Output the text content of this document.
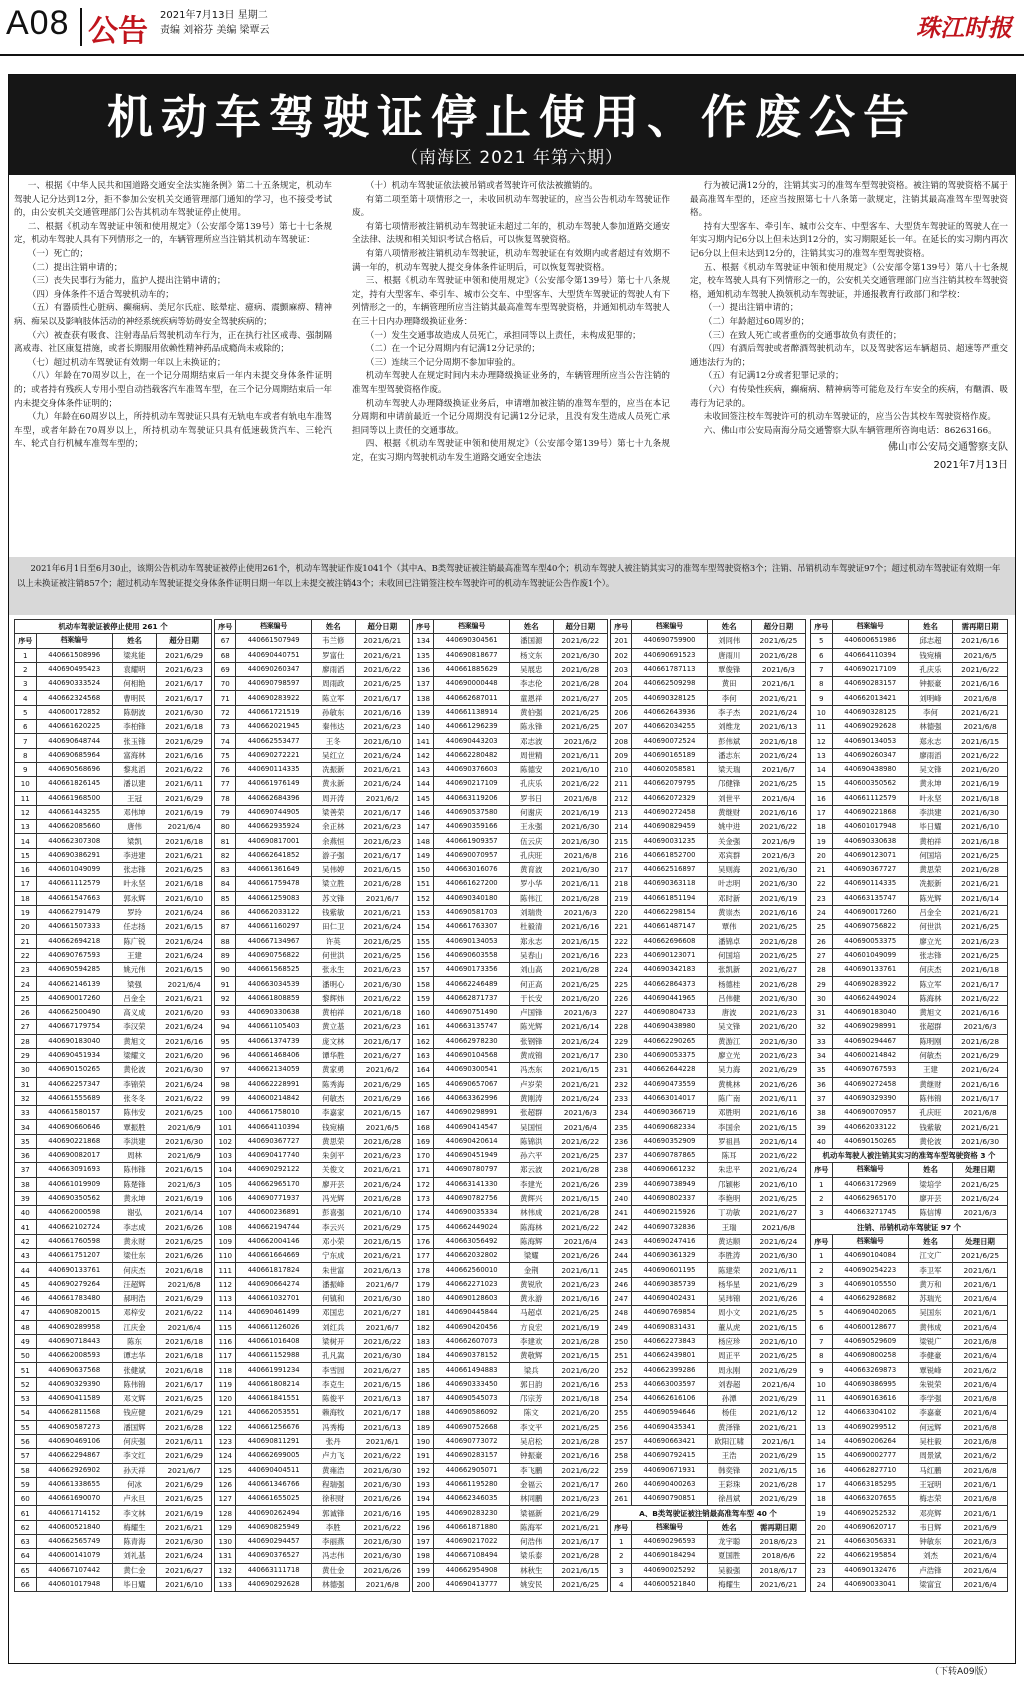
A08 公告 2021年7月13日 星期二
责编 刘裕芬 美编 梁覃云	珠江时报
机动车驾驶证停止使用、作废公告
（南海区 2021 年第六期）

一、根据《中华人民共和国道路交通安全法实施条例》第二十五条规定，机动车驾驶人记分达到12分，拒不参加公安机关交通管理部门通知的学习，也不接受考试的，由公安机关交通管理部门公告其机动车驾驶证停止使用。

二、根据《机动车驾驶证申领和使用规定》（公安部令第139号）第七十七条规定，机动车驾驶人具有下列情形之一的，车辆管理所应当注销其机动车驾驶证：

（一）死亡的；

（二）提出注销申请的；

（三）丧失民事行为能力，监护人提出注销申请的；

（四）身体条件不适合驾驶机动车的；

（五）有器质性心脏病、癫痫病、美尼尔氏症、眩晕症、癔病、震颤麻痹、精神病、痴呆以及影响肢体活动的神经系统疾病等妨碍安全驾驶疾病的；

（六）被查获有吸食、注射毒品后驾驶机动车行为，正在执行社区戒毒、强制隔离戒毒、社区康复措施，或者长期服用依赖性精神药品成瘾尚未戒除的；

（七）超过机动车驾驶证有效期一年以上未换证的；

（八）年龄在70周岁以上，在一个记分周期结束后一年内未提交身体条件证明的；或者持有残疾人专用小型自动挡载客汽车准驾车型，在三个记分周期结束后一年内未提交身体条件证明的；

（九）年龄在60周岁以上，所持机动车驾驶证只具有无轨电车或者有轨电车准驾车型，或者年龄在70周岁以上，所持机动车驾驶证只具有低速载货汽车、三轮汽车、轮式自行机械车准驾车型的；

（十）机动车驾驶证依法被吊销或者驾驶许可依法被撤销的。

有第二项至第十项情形之一，未收回机动车驾驶证的，应当公告机动车驾驶证作废。

有第七项情形被注销机动车驾驶证未超过二年的，机动车驾驶人参加道路交通安全法律、法规和相关知识考试合格后，可以恢复驾驶资格。

有第八项情形被注销机动车驾驶证，机动车驾驶证在有效期内或者超过有效期不满一年的，机动车驾驶人提交身体条件证明后，可以恢复驾驶资格。

三、根据《机动车驾驶证申领和使用规定》（公安部令第139号）第七十八条规定，持有大型客车、牵引车、城市公交车、中型客车、大型货车驾驶证的驾驶人有下列情形之一的，车辆管理所应当注销其最高准驾车型驾驶资格，并通知机动车驾驶人在三十日内办理降级换证业务：

（一）发生交通事故造成人员死亡，承担同等以上责任，未构成犯罪的；

（二）在一个记分周期内有记满12分记录的；

（三）连续三个记分周期不参加审验的。

机动车驾驶人在规定时间内未办理降级换证业务的，车辆管理所应当公告注销的准驾车型驾驶资格作废。

机动车驾驶人办理降级换证业务后，申请增加被注销的准驾车型的，应当在本记分周期和申请前最近一个记分周期没有记满12分记录，且没有发生造成人员死亡承担同等以上责任的交通事故。

四、根据《机动车驾驶证申领和使用规定》（公安部令第139号）第七十九条规定，在实习期内驾驶机动车发生道路交通安全违法

行为被记满12分的，注销其实习的准驾车型驾驶资格。被注销的驾驶资格不属于最高准驾车型的，还应当按照第七十八条第一款规定，注销其最高准驾车型驾驶资格。

持有大型客车、牵引车、城市公交车、中型客车、大型货车驾驶证的驾驶人在一年实习期内记6分以上但未达到12分的，实习期限延长一年。在延长的实习期内再次记6分以上但未达到12分的，注销其实习的准驾车型驾驶资格。

五、根据《机动车驾驶证申领和使用规定》（公安部令第139号）第八十七条规定，校车驾驶人具有下列情形之一的，公安机关交通管理部门应当注销其校车驾驶资格，通知机动车驾驶人换领机动车驾驶证，并通报教育行政部门和学校：

（一）提出注销申请的；

（二）年龄超过60周岁的；

（三）在致人死亡或者重伤的交通事故负有责任的；

（四）有酒后驾驶或者醉酒驾驶机动车，以及驾驶客运车辆超员、超速等严重交通违法行为的；

（五）有记满12分或者犯罪记录的；

（六）有传染性疾病，癫痫病、精神病等可能危及行车安全的疾病，有酗酒、吸毒行为记录的。

未收回签注校车驾驶许可的机动车驾驶证的，应当公告其校车驾驶资格作废。

六、佛山市公安局南海分局交通警察大队车辆管理所咨询电话：86263166。

佛山市公安局交通警察支队

2021年7月13日

2021年6月1日至6月30止，该期公告机动车驾驶证被停止使用261个，机动车驾驶证作废1041个（其中A、B类驾驶证被注销最高准驾车型40个；机动车驾驶人被注销其实习的准驾车型驾驶资格3个；注销、吊销机动车驾驶证97个；超过机动车驾驶证有效期一年以上未换证被注销857个；超过机动车驾驶证提交身体条件证明日期一年以上未提交被注销43个；未收回已注销签注校车驾驶许可的机动车驾驶证公告作废1个）。

机动车驾驶证被停止使用 261 个			
序号	档案编号	姓名	超分日期
1	440661508996	梁兆能	2021/6/29
2	440690495423	袁耀明	2021/6/23
3	440690333524	何相艳	2021/6/17
4	440662324568	曹明民	2021/6/17
5	440600172852	陈朝波	2021/6/30
6	440661620225	李柏锋	2021/6/18
7	440690648744	张玉锋	2021/6/29
8	440690685964	富海林	2021/6/16
9	440690568696	黎兆滔	2021/6/22
10	440661826145	潘以建	2021/6/11
11	440661968500	王冠	2021/6/29
12	440661443255	邓伟坤	2021/6/19
13	440662085660	唐伟	2021/6/4
14	440662307308	梁凯	2021/6/18
15	440690386291	李进建	2021/6/21
16	440601049099	张志锋	2021/6/25
17	440661112579	叶永坚	2021/6/18
18	440661547663	郭永辉	2021/6/10
19	440662791479	罗玲	2021/6/24
20	440661507333	任志扬	2021/6/15
21	440662694218	陈广锐	2021/6/24
22	440690767593	王建	2021/6/24
23	440690594285	姚元伟	2021/6/15
24	440662146139	梁强	2021/6/4
25	440690017260	吕金全	2021/6/21
26	440662500490	高义成	2021/6/20
27	440667179754	李汉荣	2021/6/24
28	440690183040	黄旭文	2021/6/16
29	440690451934	梁耀文	2021/6/20
30	440690150265	黄伦波	2021/6/30
31	440662257347	李锦荣	2021/6/24
32	440661555689	张冬冬	2021/6/22
33	440661580157	陈伟安	2021/6/25
34	440690660646	覃振胜	2021/6/9
35	440690221868	李洪建	2021/6/30
36	440690082017	周林	2021/6/9
37	440663091693	陈伟锋	2021/6/15
38	440661019909	陈楚锋	2021/6/3
39	440690350562	黄永坤	2021/6/19
40	440662000598	谢弘	2021/6/14
41	440662102724	李志成	2021/6/26
42	440661760598	黄永财	2021/6/25
43	440661751207	梁仕东	2021/6/26
44	440690133761	何庆杰	2021/6/18
45	440690279264	汪超辉	2021/6/8
46	440661783480	郝明浩	2021/6/29
47	440690820015	邓梓安	2021/6/22
48	440690289958	江庆金	2021/6/4
49	440690718443	陈东	2021/6/18
50	440662008593	谭志华	2021/6/18
51	440690637568	张健斌	2021/6/18
52	440690329390	陈伟锦	2021/6/17
53	440690411589	邓文辉	2021/6/25
54	440662811568	钱应健	2021/6/29
55	440690587273	潘国辉	2021/6/28
56	440690469106	何庆强	2021/6/11
57	440662294867	李文红	2021/6/29
58	440662926902	孙天祥	2021/6/7
59	440661338655	何冰	2021/6/29
60	440661690070	卢永旦	2021/6/25
61	440661714152	李文林	2021/6/19
62	440600521840	梅耀生	2021/6/21
63	440662565749	陈青海	2021/6/30
64	440600141079	刘礼基	2021/6/24
65	440667107442	黄仁金	2021/6/27
66	440601017948	毕日耀	2021/6/10
序号	档案编号	姓名	超分日期
67	440661507949	韦兰修	2021/6/21
68	440690440751	罗富仕	2021/6/21
69	440690260347	廖雨滔	2021/6/22
70	440690798597	周雨政	2021/6/25
71	440690283922	陈立军	2021/6/17
72	440661721519	孙敏东	2021/6/16
73	440662021945	秦伟达	2021/6/23
74	440662553477	王冬	2021/6/10
75	440690272221	吴红立	2021/6/24
76	440690114335	冼振新	2021/6/21
77	440661976149	黄永新	2021/6/24
78	440662684396	周开涛	2021/6/2
79	440690744905	梁善荣	2021/6/17
80	440662935924	余正林	2021/6/23
81	440690817001	余燕恒	2021/6/23
82	440662641852	游子强	2021/6/17
83	440661361649	吴伟婷	2021/6/15
84	440661759478	梁立胜	2021/6/28
85	440661259083	苏文锋	2021/6/7
86	440662033122	钱紫敏	2021/6/21
87	440661160297	田仁卫	2021/6/24
88	440667134967	许英	2021/6/25
89	440690756822	何世洪	2021/6/25
90	440661568525	张永生	2021/6/23
91	440663034539	潘明心	2021/6/30
92	440661808859	黎辉炜	2021/6/22
93	440690330638	黄柏祥	2021/6/18
94	440661105403	黄立基	2021/6/23
95	440661374739	庞文林	2021/6/17
96	440661468406	谭华胜	2021/6/27
97	440662134059	黄家勇	2021/6/2
98	440662228991	陈秀海	2021/6/29
99	440600214842	何敏杰	2021/6/29
100	440661758010	李嘉家	2021/6/15
101	440664110394	钱宛楠	2021/6/5
102	440690367727	黄思荣	2021/6/28
103	440690417740	朱剑平	2021/6/23
104	440690292122	关俊文	2021/6/21
105	440662965170	廖开芸	2021/6/24
106	440690771937	冯光辉	2021/6/28
107	440600236891	彭喜强	2021/6/10
108	440662194744	李云兴	2021/6/29
109	440662004146	邓小荣	2021/6/15
110	440661664669	宁东成	2021/6/21
111	440661817824	朱世富	2021/6/13
112	440690664274	潘振峰	2021/6/7
113	440661032701	何镇和	2021/6/30
114	440690461499	邓国忠	2021/6/27
115	440661126026	刘红兵	2021/6/7
116	440661016408	梁树开	2021/6/22
117	440661152988	孔凡嵩	2021/6/30
118	440661991234	李雪园	2021/6/27
119	440661808214	李克生	2021/6/15
120	440661841551	陈俊平	2021/6/13
121	440662053551	赖海牧	2021/6/17
122	440661256676	冯秀梅	2021/6/13
123	440690811291	张丹	2021/6/1
124	440662699005	卢力飞	2021/6/22
125	440690404511	黄雍浩	2021/6/30
126	440661346766	程瑞强	2021/6/30
127	440661655025	徐积财	2021/6/26
128	440690262494	郭诚锋	2021/6/16
129	440690825949	李胜	2021/6/22
130	440690294457	李丽燕	2021/6/30
131	440690376527	冯志伟	2021/6/30
132	440663111718	黄仕金	2021/6/26
133	440690292628	林德强	2021/6/8
序号	档案编号	姓名	超分日期
134	440690304561	潘国源	2021/6/22
135	440690818677	杨文东	2021/6/30
136	440661885629	吴展忠	2021/6/28
137	440690000448	李志伦	2021/6/28
138	440662687011	童恩祥	2021/6/27
139	440661138914	黄伯强	2021/6/25
140	440661296239	陈永锋	2021/6/25
141	440690443203	邓志波	2021/6/2
142	440662280482	周世精	2021/6/11
143	440690376603	陈德安	2021/6/10
144	440690217109	孔庆乐	2021/6/22
145	440663119206	罗书日	2021/6/8
146	440690537580	何谢庆	2021/6/19
147	440690359166	王永强	2021/6/30
148	440661909357	伍云庆	2021/6/30
149	440690070957	孔庆旺	2021/6/8
150	440663016076	黄育波	2021/6/30
151	440661627200	罗小华	2021/6/11
152	440690340180	陈伟江	2021/6/28
153	440690581703	刘瑞贵	2021/6/3
154	440661763307	杜毅清	2021/6/16
155	440690134053	郑永志	2021/6/15
156	440690603558	吴春山	2021/6/16
157	440690173356	刘山高	2021/6/28
158	440662246489	何正高	2021/6/25
159	440662871737	于长安	2021/6/20
160	440690751490	卢国锋	2021/6/3
161	440663135747	陈光辉	2021/6/14
162	440662978230	张钢锋	2021/6/24
163	440690104568	黄成锦	2021/6/17
164	440690300541	冯杰东	2021/6/15
165	440690657067	卢岁荣	2021/6/21
166	440663362996	黄刚涛	2021/6/24
167	440690298991	张超群	2021/6/3
168	440690414547	吴国恒	2021/6/4
169	440690420614	陈锦洪	2021/6/22
170	440690451949	孙六平	2021/6/25
171	440690780797	郑云波	2021/6/28
172	440663141330	李建光	2021/6/26
173	440690782756	黄辉兴	2021/6/15
174	440690035334	林伟成	2021/6/28
175	440662449024	陈海林	2021/6/22
176	440663056492	陈海辉	2021/6/4
177	440662032802	梁耀	2021/6/26
178	440662560010	金荆	2021/6/11
179	440662271023	黄锐欣	2021/6/23
180	440690128603	黄永游	2021/6/16
181	440690445844	马超卓	2021/6/25
182	440690420456	方良宏	2021/6/19
183	440662607073	李建欢	2021/6/28
184	440690378152	黄敬辉	2021/6/15
185	440661494883	梁兵	2021/6/20
186	440690333450	郭日韵	2021/6/16
187	440690545073	邝宗芳	2021/6/18
188	440690586092	陈文	2021/6/20
189	440690752668	李文平	2021/6/25
190	440690773072	吴启松	2021/6/28
191	440690283157	钟振豪	2021/6/16
192	440662905071	李飞鹏	2021/6/22
193	440661195280	金福云	2021/6/17
194	440662346035	林同鹏	2021/6/23
195	440690283230	梁福新	2021/6/29
196	440661871880	陈海军	2021/6/21
197	440690217022	何浩伟	2021/6/17
198	440667108494	梁乐泰	2021/6/28
199	440662954908	林秋生	2021/6/15
200	440690413777	姚安民	2021/6/25
序号	档案编号	姓名	超分日期
201	440690759900	刘同伟	2021/6/25
202	440690691523	唐雨川	2021/6/28
203	440661787113	覃俊锋	2021/6/3
204	440662509298	黄田	2021/6/1
205	440690328125	李何	2021/6/21
206	440662643936	李子杰	2021/6/24
207	440662034255	刘维龙	2021/6/13
208	440690072524	彭伟斌	2021/6/18
209	440690165189	潘志东	2021/6/24
210	440602058581	梁天瑞	2021/6/7
211	440662079795	邝健锋	2021/6/25
212	440662072329	刘世平	2021/6/4
213	440690272458	黄继财	2021/6/16
214	440690829459	姚中进	2021/6/22
215	440690031235	关金强	2021/6/9
216	440661852700	邓宾群	2021/6/3
217	440662516897	吴则海	2021/6/30
218	440690363118	叶志明	2021/6/30
219	440661851194	邓时新	2021/6/19
220	440662298154	黄崇杰	2021/6/16
221	440661487147	覃伟	2021/6/25
222	440662696608	潘锦卓	2021/6/28
223	440690123071	何国培	2021/6/25
224	440690342183	张凯新	2021/6/27
225	440662864373	杨德桂	2021/6/28
226	440690441965	吕伟健	2021/6/30
227	440690804733	唐波	2021/6/23
228	440690438980	吴文锋	2021/6/20
229	440662290265	黄游江	2021/6/30
230	440690053375	廖立光	2021/6/23
231	440662644228	吴力海	2021/6/29
232	440690473559	黄桃林	2021/6/26
233	440663014017	陈广南	2021/6/11
234	440690366719	邓胜明	2021/6/16
235	440690682334	李国余	2021/6/15
236	440690352909	罗祖昌	2021/6/14
237	440690787865	陈耳	2021/6/22
238	440690661232	朱忠平	2021/6/24
239	440690738949	邝颖彬	2021/6/10
240	440690802337	李艳明	2021/6/25
241	440690215926	丁功敏	2021/6/27
242	440690732836	王瑞	2021/6/8
243	440690247416	黄达顺	2021/6/24
244	440690361329	李胜涛	2021/6/30
245	440690601195	陈建荣	2021/6/11
246	440690385739	杨华星	2021/6/29
247	440690402431	吴玮锦	2021/6/26
248	440690769854	周小文	2021/6/25
249	440690831431	董从虎	2021/6/15
250	440662273843	杨应珍	2021/6/10
251	440662439801	周正平	2021/6/25
252	440662399286	周永刚	2021/6/29
253	440663003597	刘春超	2021/6/4
254	440662616106	孙潭	2021/6/29
255	440690594646	杨佳	2021/6/12
256	440690435341	黄泽锋	2021/6/21
257	440690663421	欧阳江啸	2021/6/1
258	440690792415	王浩	2021/6/29
259	440690671931	韩奕锋	2021/6/15
260	440690400263	王彩珠	2021/6/28
261	440690790851	徐昌斌	2021/6/29
A、B类驾驶证被注销最高准驾车型 40 个			
序号	档案编号	姓名	需再期日期
1	440690296593	龙宇聪	2018/6/23
2	440690184294	夏国胜	2018/6/6
3	440690025292	吴毅强	2018/6/17
4	440600521840	梅耀生	2021/6/21
序号	档案编号	姓名	需再期日期
5	440600651986	邱志超	2021/6/16
6	440664110394	钱宛楠	2021/6/5
7	440690217109	孔庆乐	2021/6/22
8	440690283157	钟振豪	2021/6/16
9	440662013421	刘明峰	2021/6/8
10	440690328125	李何	2021/6/21
11	440690292628	林德强	2021/6/8
12	440690134053	郑永志	2021/6/15
13	440690260347	廖雨滔	2021/6/22
14	440690438980	吴文锋	2021/6/20
15	440600350562	黄永坤	2021/6/19
16	440661112579	叶永坚	2021/6/18
17	440690221868	李洪建	2021/6/30
18	440601017948	毕日耀	2021/6/10
19	440690330638	黄柏祥	2021/6/18
20	440690123071	何国培	2021/6/25
21	440690367727	黄思荣	2021/6/28
22	440690114335	冼振新	2021/6/21
23	440663135747	陈光辉	2021/6/14
24	440690017260	吕金全	2021/6/21
25	440690756822	何世洪	2021/6/25
26	440690053375	廖立光	2021/6/23
27	440601049099	张志锋	2021/6/25
28	440690133761	何庆杰	2021/6/18
29	440690283922	陈立军	2021/6/17
30	440662449024	陈海林	2021/6/22
31	440690183040	黄旭文	2021/6/16
32	440690298991	张超群	2021/6/3
33	440690294467	陈明刚	2021/6/28
34	440600214842	何敏杰	2021/6/29
35	440690767593	王建	2021/6/24
36	440690272458	黄继财	2021/6/16
37	440690329390	陈伟锦	2021/6/17
38	440690070957	孔庆旺	2021/6/8
39	440662033122	钱紫敏	2021/6/21
40	440690150265	黄伦波	2021/6/30
机动车驾驶人被注销其实习的准驾车型驾驶资格 3 个			
序号	档案编号	姓名	处理日期
1	440663172969	梁培学	2021/6/25
2	440662965170	廖开芸	2021/6/24
3	440663271745	陈信博	2021/6/3
注销、吊销机动车驾驶证 97 个			
序号	档案编号	姓名	处理日期
1	440690104084	江文广	2021/6/25
2	440690254223	李卫军	2021/6/1
3	440690105550	黄万和	2021/6/1
4	440662928682	苏瑞光	2021/6/4
5	440690402065	吴国东	2021/6/1
6	440600128677	黄伟成	2021/6/4
7	440690529609	梁锐广	2021/6/8
8	440690800258	李健豪	2021/6/4
9	440663269873	覃锐峰	2021/6/2
10	440690386995	朱锐荣	2021/6/4
11	440690163616	李学强	2021/6/8
12	440663304102	李嘉豪	2021/6/4
13	440690299512	何远辉	2021/6/8
14	440690206264	吴柱毅	2021/6/8
15	440690002777	周景斌	2021/6/2
16	440662827710	马红鹏	2021/6/8
17	440663185295	王冠明	2021/6/1
18	440663207655	梅志荣	2021/6/8
19	440690252532	邓亮辉	2021/6/1
20	440690620717	韦日辉	2021/6/9
21	440663056331	钟敏东	2021/6/3
22	440662195854	刘杰	2021/6/4
23	440690132476	卢浩锋	2021/6/4
24	440690033041	梁富宜	2021/6/4
（下转A09版）
